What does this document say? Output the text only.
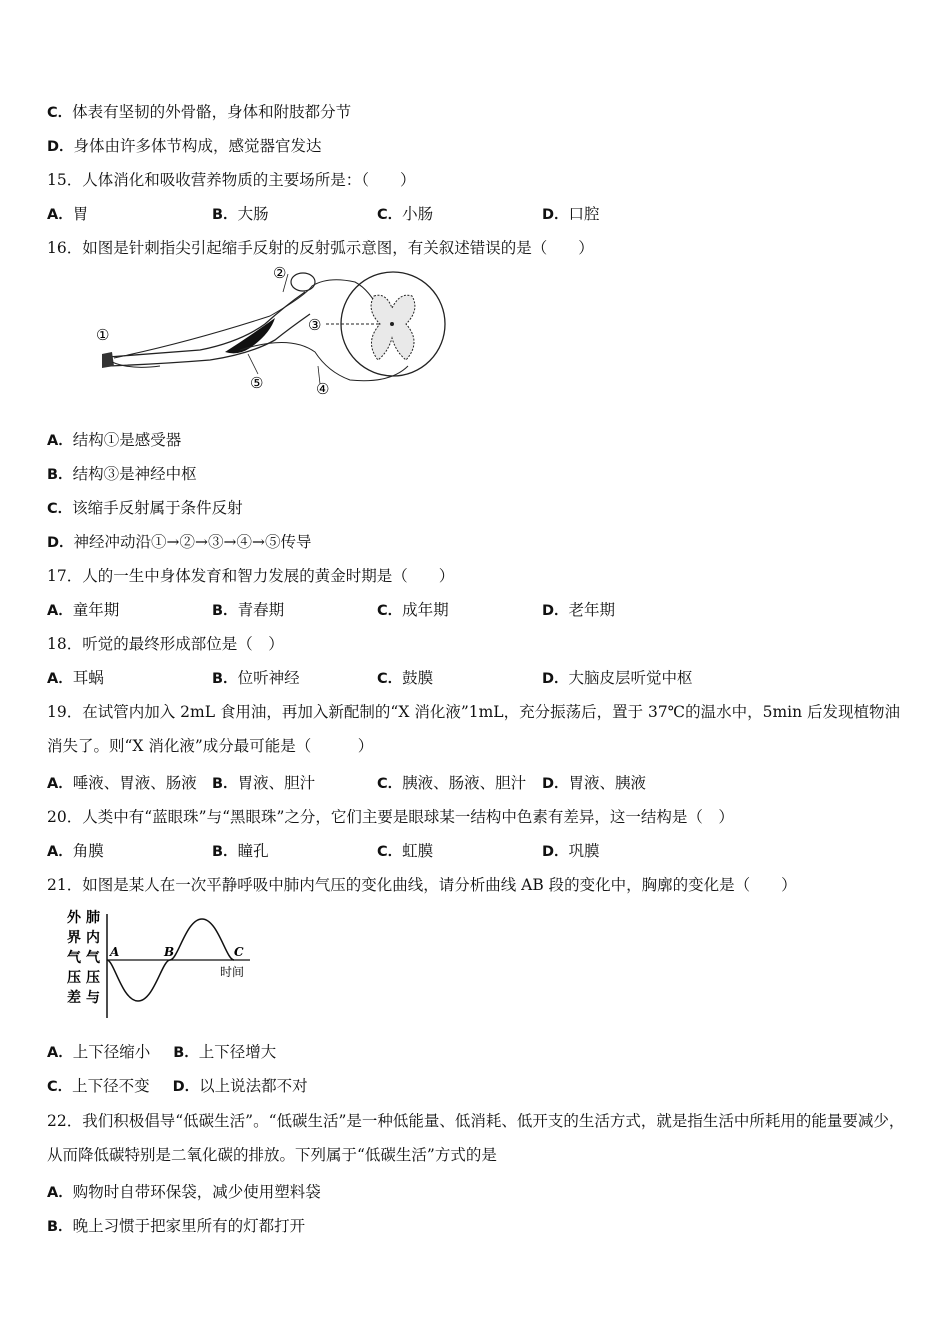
C．体表有坚韧的外骨骼，身体和附肢都分节
D．身体由许多体节构成，感觉器官发达
15．人体消化和吸收营养物质的主要场所是：（　　）
A．胃	B．大肠	C．小肠	D．口腔
16．如图是针刺指尖引起缩手反射的反射弧示意图，有关叙述错误的是（　　）
①
②
③
④
⑤
A．结构①是感受器
B．结构③是神经中枢
C．该缩手反射属于条件反射
D．神经冲动沿①→②→③→④→⑤传导
17．人的一生中身体发育和智力发展的黄金时期是（　　）
A．童年期	B．青春期	C．成年期	D．老年期
18．听觉的最终形成部位是（　）
A．耳蜗	B．位听神经	C．鼓膜	D．大脑皮层听觉中枢
19．在试管内加入 2mL 食用油，再加入新配制的“X 消化液”1mL，充分振荡后，置于 37℃的温水中，5min 后发现植物油消失了。则“X 消化液”成分最可能是（　　　）
A．唾液、胃液、肠液 B．胃液、胆汁	C．胰液、肠液、胆汁 D．胃液、胰液
20．人类中有“蓝眼珠”与“黑眼珠”之分，它们主要是眼球某一结构中色素有差异，这一结构是（　）
A．角膜	B．瞳孔	C．虹膜	D．巩膜
21．如图是某人在一次平静呼吸中肺内气压的变化曲线，请分析曲线 AB 段的变化中，胸廓的变化是（　　）
外界气压差
肺内气压与
A	B	C
时间
A．上下径缩小 B．上下径增大
C．上下径不变 D．以上说法都不对
22．我们积极倡导“低碳生活”。“低碳生活”是一种低能量、低消耗、低开支的生活方式，就是指生活中所耗用的能量要减少，从而降低碳特别是二氧化碳的排放。下列属于“低碳生活”方式的是
A．购物时自带环保袋，减少使用塑料袋
B．晚上习惯于把家里所有的灯都打开
